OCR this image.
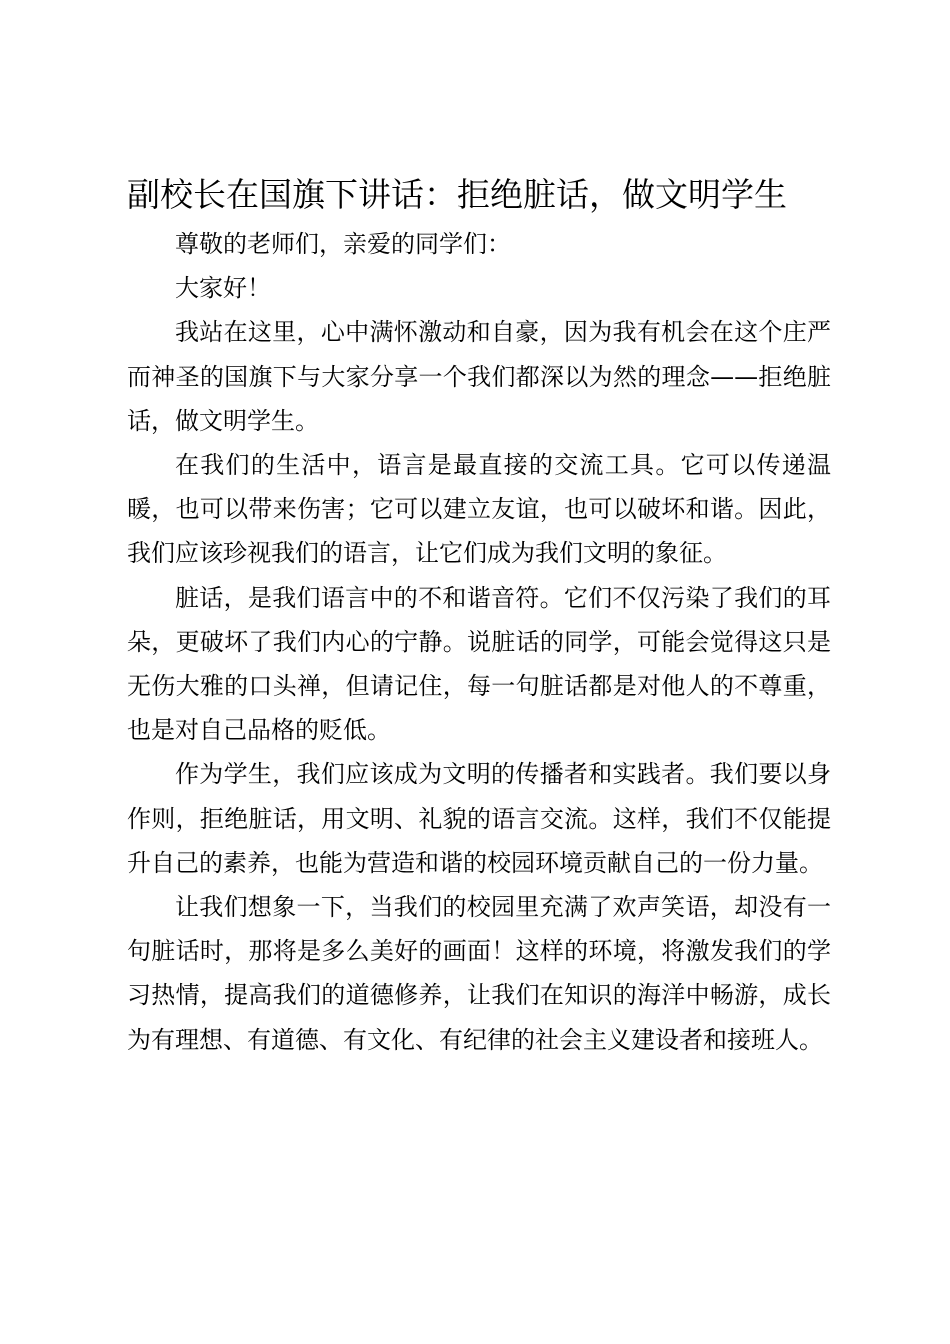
副校长在国旗下讲话：拒绝脏话，做文明学生

尊敬的老师们，亲爱的同学们：

大家好！

我站在这里，心中满怀激动和自豪，因为我有机会在这个庄严而神圣的国旗下与大家分享一个我们都深以为然的理念——拒绝脏话，做文明学生。

在我们的生活中，语言是最直接的交流工具。它可以传递温暖，也可以带来伤害；它可以建立友谊，也可以破坏和谐。因此，我们应该珍视我们的语言，让它们成为我们文明的象征。

脏话，是我们语言中的不和谐音符。它们不仅污染了我们的耳朵，更破坏了我们内心的宁静。说脏话的同学，可能会觉得这只是无伤大雅的口头禅，但请记住，每一句脏话都是对他人的不尊重，也是对自己品格的贬低。

作为学生，我们应该成为文明的传播者和实践者。我们要以身作则，拒绝脏话，用文明、礼貌的语言交流。这样，我们不仅能提升自己的素养，也能为营造和谐的校园环境贡献自己的一份力量。

让我们想象一下，当我们的校园里充满了欢声笑语，却没有一句脏话时，那将是多么美好的画面！这样的环境，将激发我们的学习热情，提高我们的道德修养，让我们在知识的海洋中畅游，成长为有理想、有道德、有文化、有纪律的社会主义建设者和接班人。
